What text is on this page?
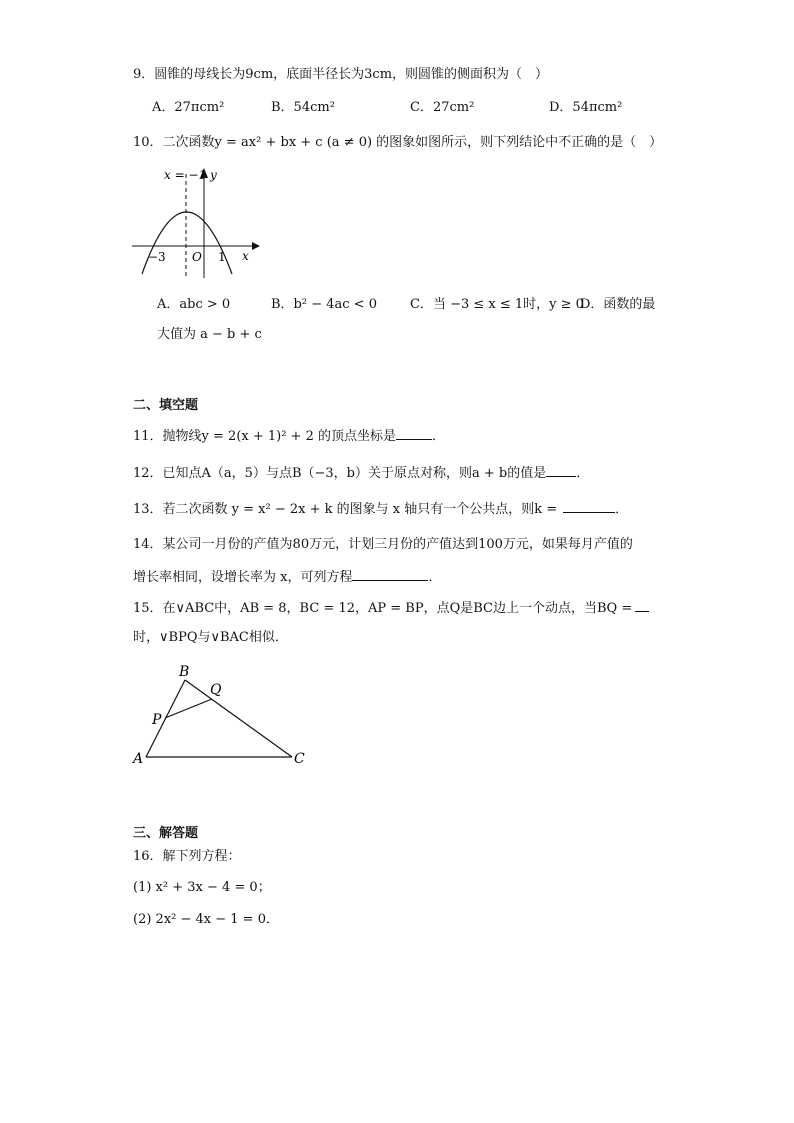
9．圆锥的母线长为9cm，底面半径长为3cm，则圆锥的侧面积为（　）
A．27πcm²	B．54cm²	C．27cm²	D．54πcm²
10．二次函数y = ax² + bx + c (a ≠ 0) 的图象如图所示，则下列结论中不正确的是（　）
x = −1 y
x
−3 O 1
A．abc > 0	B．b² − 4ac < 0	C．当 −3 ≤ x ≤ 1时，y ≥ 0
D．函数的最
大值为 a − b + c
二、填空题
11．抛物线y = 2(x + 1)² + 2 的顶点坐标是	．
12．已知点A（a，5）与点B（−3，b）关于原点对称，则a + b的值是 ．
13．若二次函数 y = x² − 2x + k 的图象与 x 轴只有一个公共点，则k =	．
14．某公司一月份的产值为80万元，计划三月份的产值达到100万元，如果每月产值的
增长率相同，设增长率为 x，可列方程	．
15．在∨ABC中，AB = 8，BC = 12，AP = BP，点Q是BC边上一个动点，当BQ =
时，∨BPQ与∨BAC相似．
A
B
C
P
Q
三、解答题
16．解下列方程：
(1) x² + 3x − 4 = 0；
(2) 2x² − 4x − 1 = 0．
